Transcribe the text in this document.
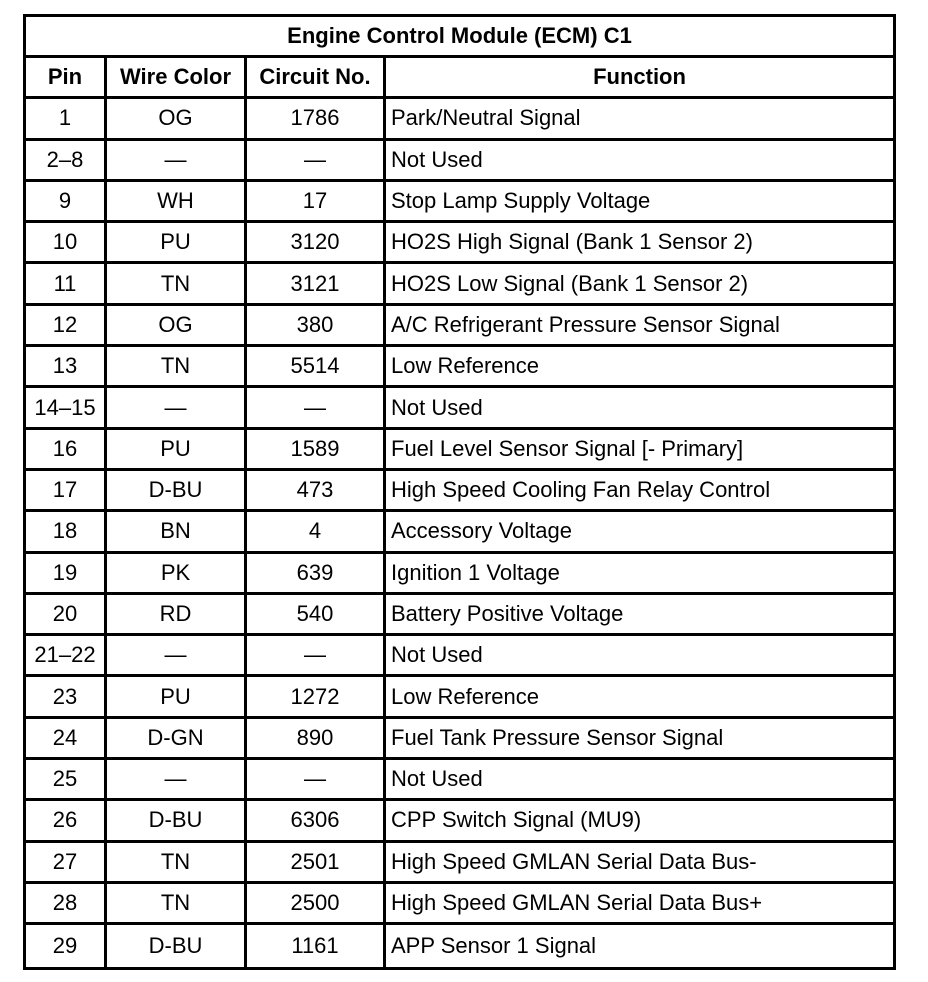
Engine Control Module (ECM) C1
Pin	Wire Color	Circuit No.	Function
1	OG	1786	Park/Neutral Signal
2–8	—	—	Not Used
9	WH	17	Stop Lamp Supply Voltage
10	PU	3120	HO2S High Signal (Bank 1 Sensor 2)
11	TN	3121	HO2S Low Signal (Bank 1 Sensor 2)
12	OG	380	A/C Refrigerant Pressure Sensor Signal
13	TN	5514	Low Reference
14–15	—	—	Not Used
16	PU	1589	Fuel Level Sensor Signal [- Primary]
17	D-BU	473	High Speed Cooling Fan Relay Control
18	BN	4	Accessory Voltage
19	PK	639	Ignition 1 Voltage
20	RD	540	Battery Positive Voltage
21–22	—	—	Not Used
23	PU	1272	Low Reference
24	D-GN	890	Fuel Tank Pressure Sensor Signal
25	—	—	Not Used
26	D-BU	6306	CPP Switch Signal (MU9)
27	TN	2501	High Speed GMLAN Serial Data Bus-
28	TN	2500	High Speed GMLAN Serial Data Bus+
29	D-BU	1161	APP Sensor 1 Signal
